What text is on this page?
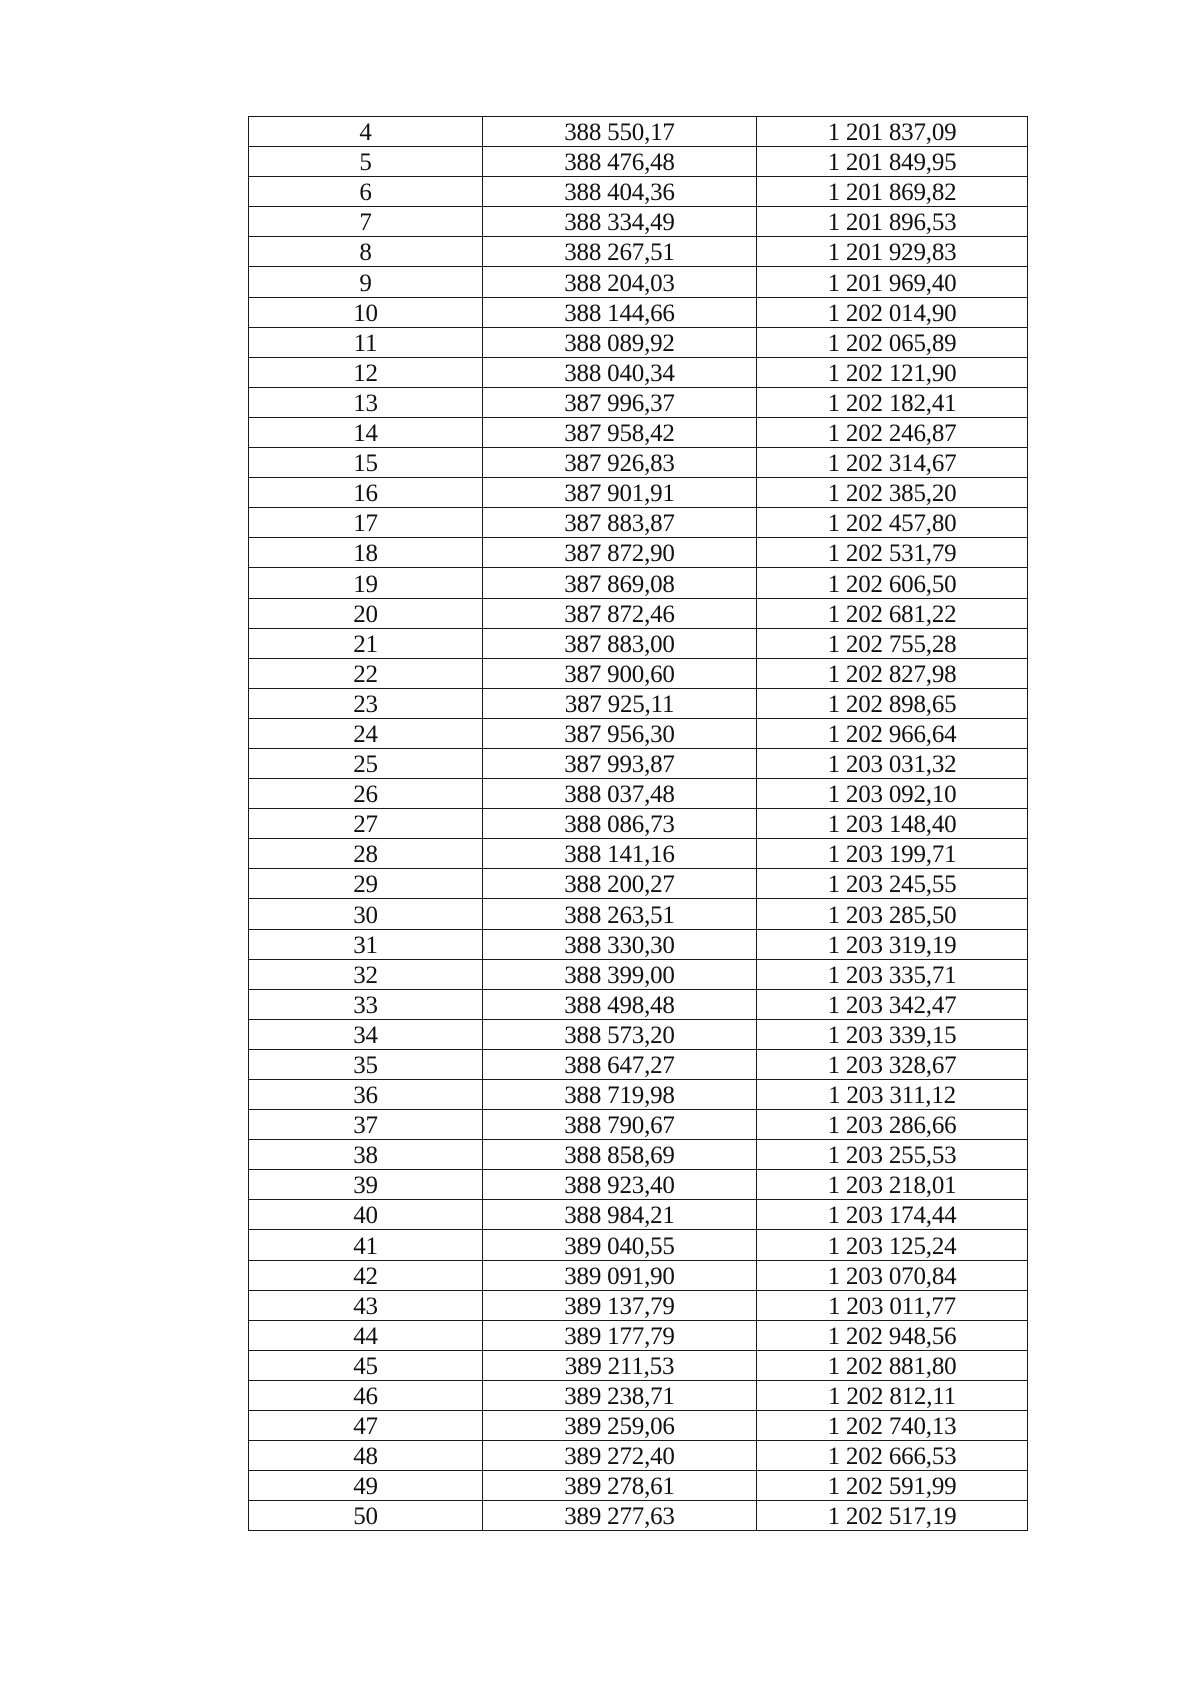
4	388 550,17	1 201 837,09
5	388 476,48	1 201 849,95
6	388 404,36	1 201 869,82
7	388 334,49	1 201 896,53
8	388 267,51	1 201 929,83
9	388 204,03	1 201 969,40
10	388 144,66	1 202 014,90
11	388 089,92	1 202 065,89
12	388 040,34	1 202 121,90
13	387 996,37	1 202 182,41
14	387 958,42	1 202 246,87
15	387 926,83	1 202 314,67
16	387 901,91	1 202 385,20
17	387 883,87	1 202 457,80
18	387 872,90	1 202 531,79
19	387 869,08	1 202 606,50
20	387 872,46	1 202 681,22
21	387 883,00	1 202 755,28
22	387 900,60	1 202 827,98
23	387 925,11	1 202 898,65
24	387 956,30	1 202 966,64
25	387 993,87	1 203 031,32
26	388 037,48	1 203 092,10
27	388 086,73	1 203 148,40
28	388 141,16	1 203 199,71
29	388 200,27	1 203 245,55
30	388 263,51	1 203 285,50
31	388 330,30	1 203 319,19
32	388 399,00	1 203 335,71
33	388 498,48	1 203 342,47
34	388 573,20	1 203 339,15
35	388 647,27	1 203 328,67
36	388 719,98	1 203 311,12
37	388 790,67	1 203 286,66
38	388 858,69	1 203 255,53
39	388 923,40	1 203 218,01
40	388 984,21	1 203 174,44
41	389 040,55	1 203 125,24
42	389 091,90	1 203 070,84
43	389 137,79	1 203 011,77
44	389 177,79	1 202 948,56
45	389 211,53	1 202 881,80
46	389 238,71	1 202 812,11
47	389 259,06	1 202 740,13
48	389 272,40	1 202 666,53
49	389 278,61	1 202 591,99
50	389 277,63	1 202 517,19
